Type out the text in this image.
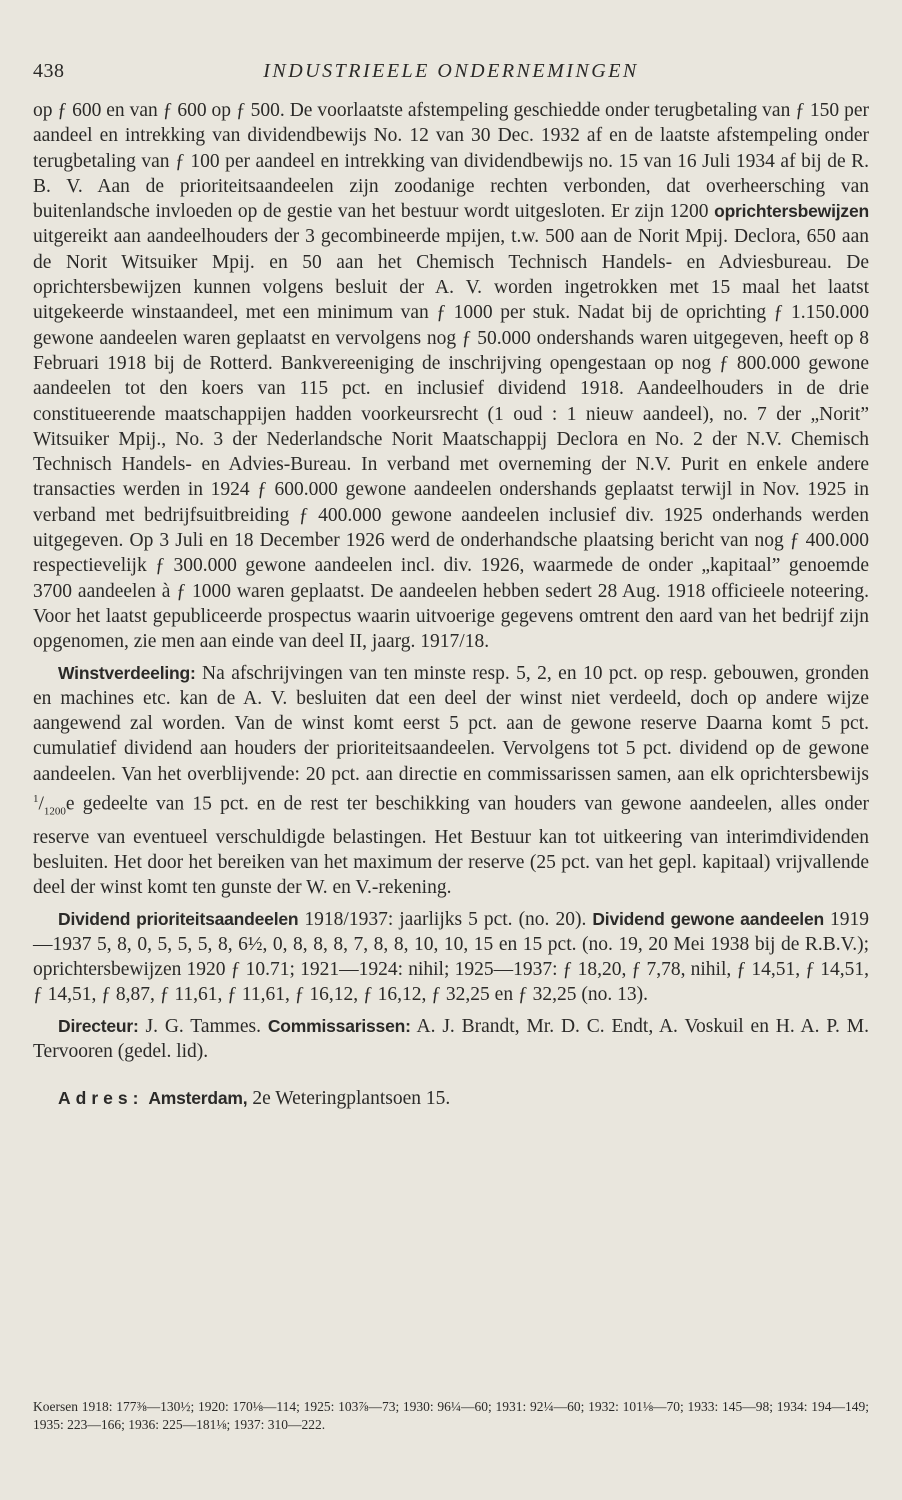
438	INDUSTRIEELE ONDERNEMINGEN

op ƒ 600 en van ƒ 600 op ƒ 500. De voorlaatste afstempeling geschiedde onder terugbetaling van ƒ 150 per aandeel en intrekking van dividendbewijs No. 12 van 30 Dec. 1932 af en de laatste afstempeling onder terugbetaling van ƒ 100 per aandeel en intrekking van dividendbewijs no. 15 van 16 Juli 1934 af bij de R. B. V. Aan de prioriteitsaandeelen zijn zoodanige rechten verbonden, dat overheersching van buitenlandsche invloeden op de gestie van het bestuur wordt uitgesloten. Er zijn 1200 oprichtersbewijzen uitgereikt aan aandeelhouders der 3 gecombineerde mpijen, t.w. 500 aan de Norit Mpij. Declora, 650 aan de Norit Witsuiker Mpij. en 50 aan het Chemisch Technisch Handels- en Adviesbureau. De oprichtersbewijzen kunnen volgens besluit der A. V. worden ingetrokken met 15 maal het laatst uitgekeerde winstaandeel, met een minimum van ƒ 1000 per stuk. Nadat bij de oprichting ƒ 1.150.000 gewone aandeelen waren geplaatst en vervolgens nog ƒ 50.000 ondershands waren uitgegeven, heeft op 8 Februari 1918 bij de Rotterd. Bankvereeniging de inschrijving opengestaan op nog ƒ 800.000 gewone aandeelen tot den koers van 115 pct. en inclusief dividend 1918. Aandeelhouders in de drie constitueerende maatschappijen hadden voorkeursrecht (1 oud : 1 nieuw aandeel), no. 7 der „Norit” Witsuiker Mpij., No. 3 der Nederlandsche Norit Maatschappij Declora en No. 2 der N.V. Chemisch Technisch Handels- en Advies-Bureau. In verband met overneming der N.V. Purit en enkele andere transacties werden in 1924 ƒ 600.000 gewone aandeelen ondershands geplaatst terwijl in Nov. 1925 in verband met bedrijfsuitbreiding ƒ 400.000 gewone aandeelen inclusief div. 1925 onderhands werden uitgegeven. Op 3 Juli en 18 December 1926 werd de onderhandsche plaatsing bericht van nog ƒ 400.000 respectievelijk ƒ 300.000 gewone aandeelen incl. div. 1926, waarmede de onder „kapitaal” genoemde 3700 aandeelen à ƒ 1000 waren geplaatst. De aandeelen hebben sedert 28 Aug. 1918 officieele noteering. Voor het laatst gepubliceerde prospectus waarin uitvoerige gegevens omtrent den aard van het bedrijf zijn opgenomen, zie men aan einde van deel II, jaarg. 1917/18.

Winstverdeeling: Na afschrijvingen van ten minste resp. 5, 2, en 10 pct. op resp. gebouwen, gronden en machines etc. kan de A. V. besluiten dat een deel der winst niet verdeeld, doch op andere wijze aangewend zal worden. Van de winst komt eerst 5 pct. aan de gewone reserve Daarna komt 5 pct. cumulatief dividend aan houders der prioriteitsaandeelen. Vervolgens tot 5 pct. dividend op de gewone aandeelen. Van het overblijvende: 20 pct. aan directie en commissarissen samen, aan elk oprichtersbewijs $^1/_{1200}e$ gedeelte van 15 pct. en de rest ter beschikking van houders van gewone aandeelen, alles onder reserve van eventueel verschuldigde belastingen. Het Bestuur kan tot uitkeering van interimdividenden besluiten. Het door het bereiken van het maximum der reserve (25 pct. van het gepl. kapitaal) vrijvallende deel der winst komt ten gunste der W. en V.-rekening.

Dividend prioriteitsaandeelen 1918/1937: jaarlijks 5 pct. (no. 20). Dividend gewone aandeelen 1919—1937 5, 8, 0, 5, 5, 5, 8, 6½, 0, 8, 8, 8, 7, 8, 8, 10, 10, 15 en 15 pct. (no. 19, 20 Mei 1938 bij de R.B.V.); oprichtersbewijzen 1920 ƒ 10.71; 1921—1924: nihil; 1925—1937: ƒ 18,20, ƒ 7,78, nihil, ƒ 14,51, ƒ 14,51, ƒ 14,51, ƒ 8,87, ƒ 11,61, ƒ 11,61, ƒ 16,12, ƒ 16,12, ƒ 32,25 en ƒ 32,25 (no. 13).

Directeur: J. G. Tammes. Commissarissen: A. J. Brandt, Mr. D. C. Endt, A. Voskuil en H. A. P. M. Tervooren (gedel. lid).

Adres: Amsterdam, 2e Weteringplantsoen 15.

Koersen 1918: 177⅜—130½; 1920: 170⅛—114; 1925: 103⅞—73; 1930: 96¼—60; 1931: 92¼—60; 1932: 101⅛—70; 1933: 145—98; 1934: 194—149; 1935: 223—166; 1936: 225—181⅛; 1937: 310—222.
